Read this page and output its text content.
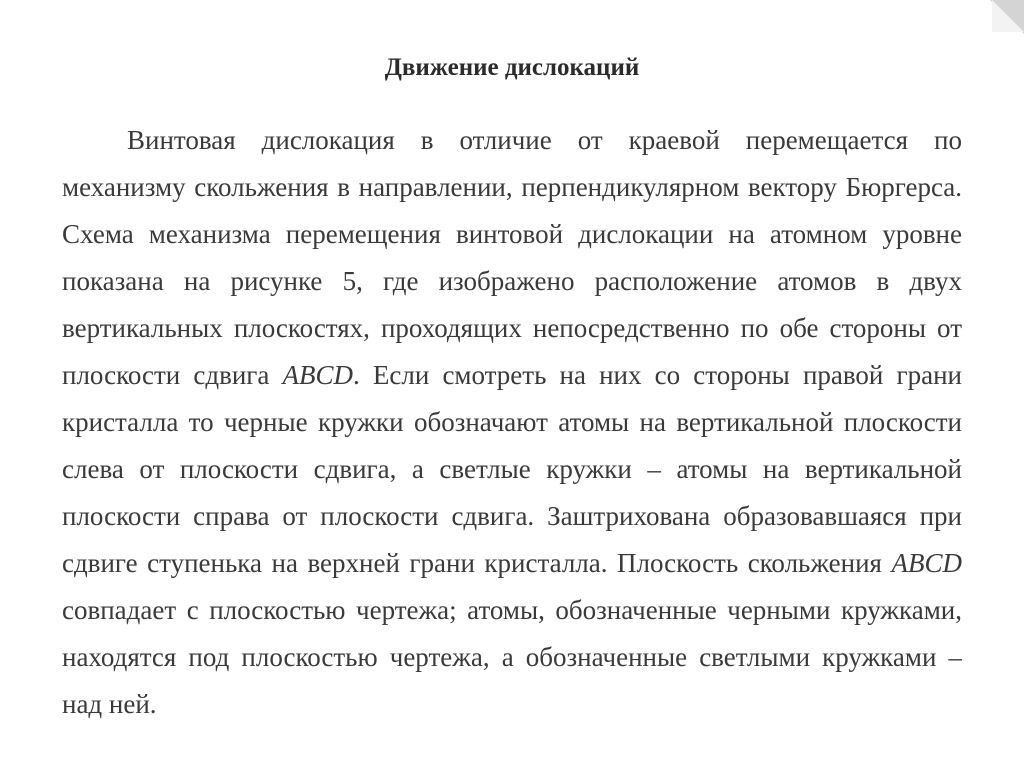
Движение дислокаций
Винтовая дислокация в отличие от краевой перемещается по
механизму скольжения в направлении, перпендикулярном вектору Бюргерса.
Схема механизма перемещения винтовой дислокации на атомном уровне
показана на рисунке 5, где изображено расположение атомов в двух
вертикальных плоскостях, проходящих непосредственно по обе стороны от
плоскости сдвига ABCD. Если смотреть на них со стороны правой грани
кристалла то черные кружки обозначают атомы на вертикальной плоскости
слева от плоскости сдвига, а светлые кружки – атомы на вертикальной
плоскости справа от плоскости сдвига. Заштрихована образовавшаяся при
сдвиге ступенька на верхней грани кристалла. Плоскость скольжения ABCD
совпадает с плоскостью чертежа; атомы, обозначенные черными кружками,
находятся под плоскостью чертежа, а обозначенные светлыми кружками –
над ней.
